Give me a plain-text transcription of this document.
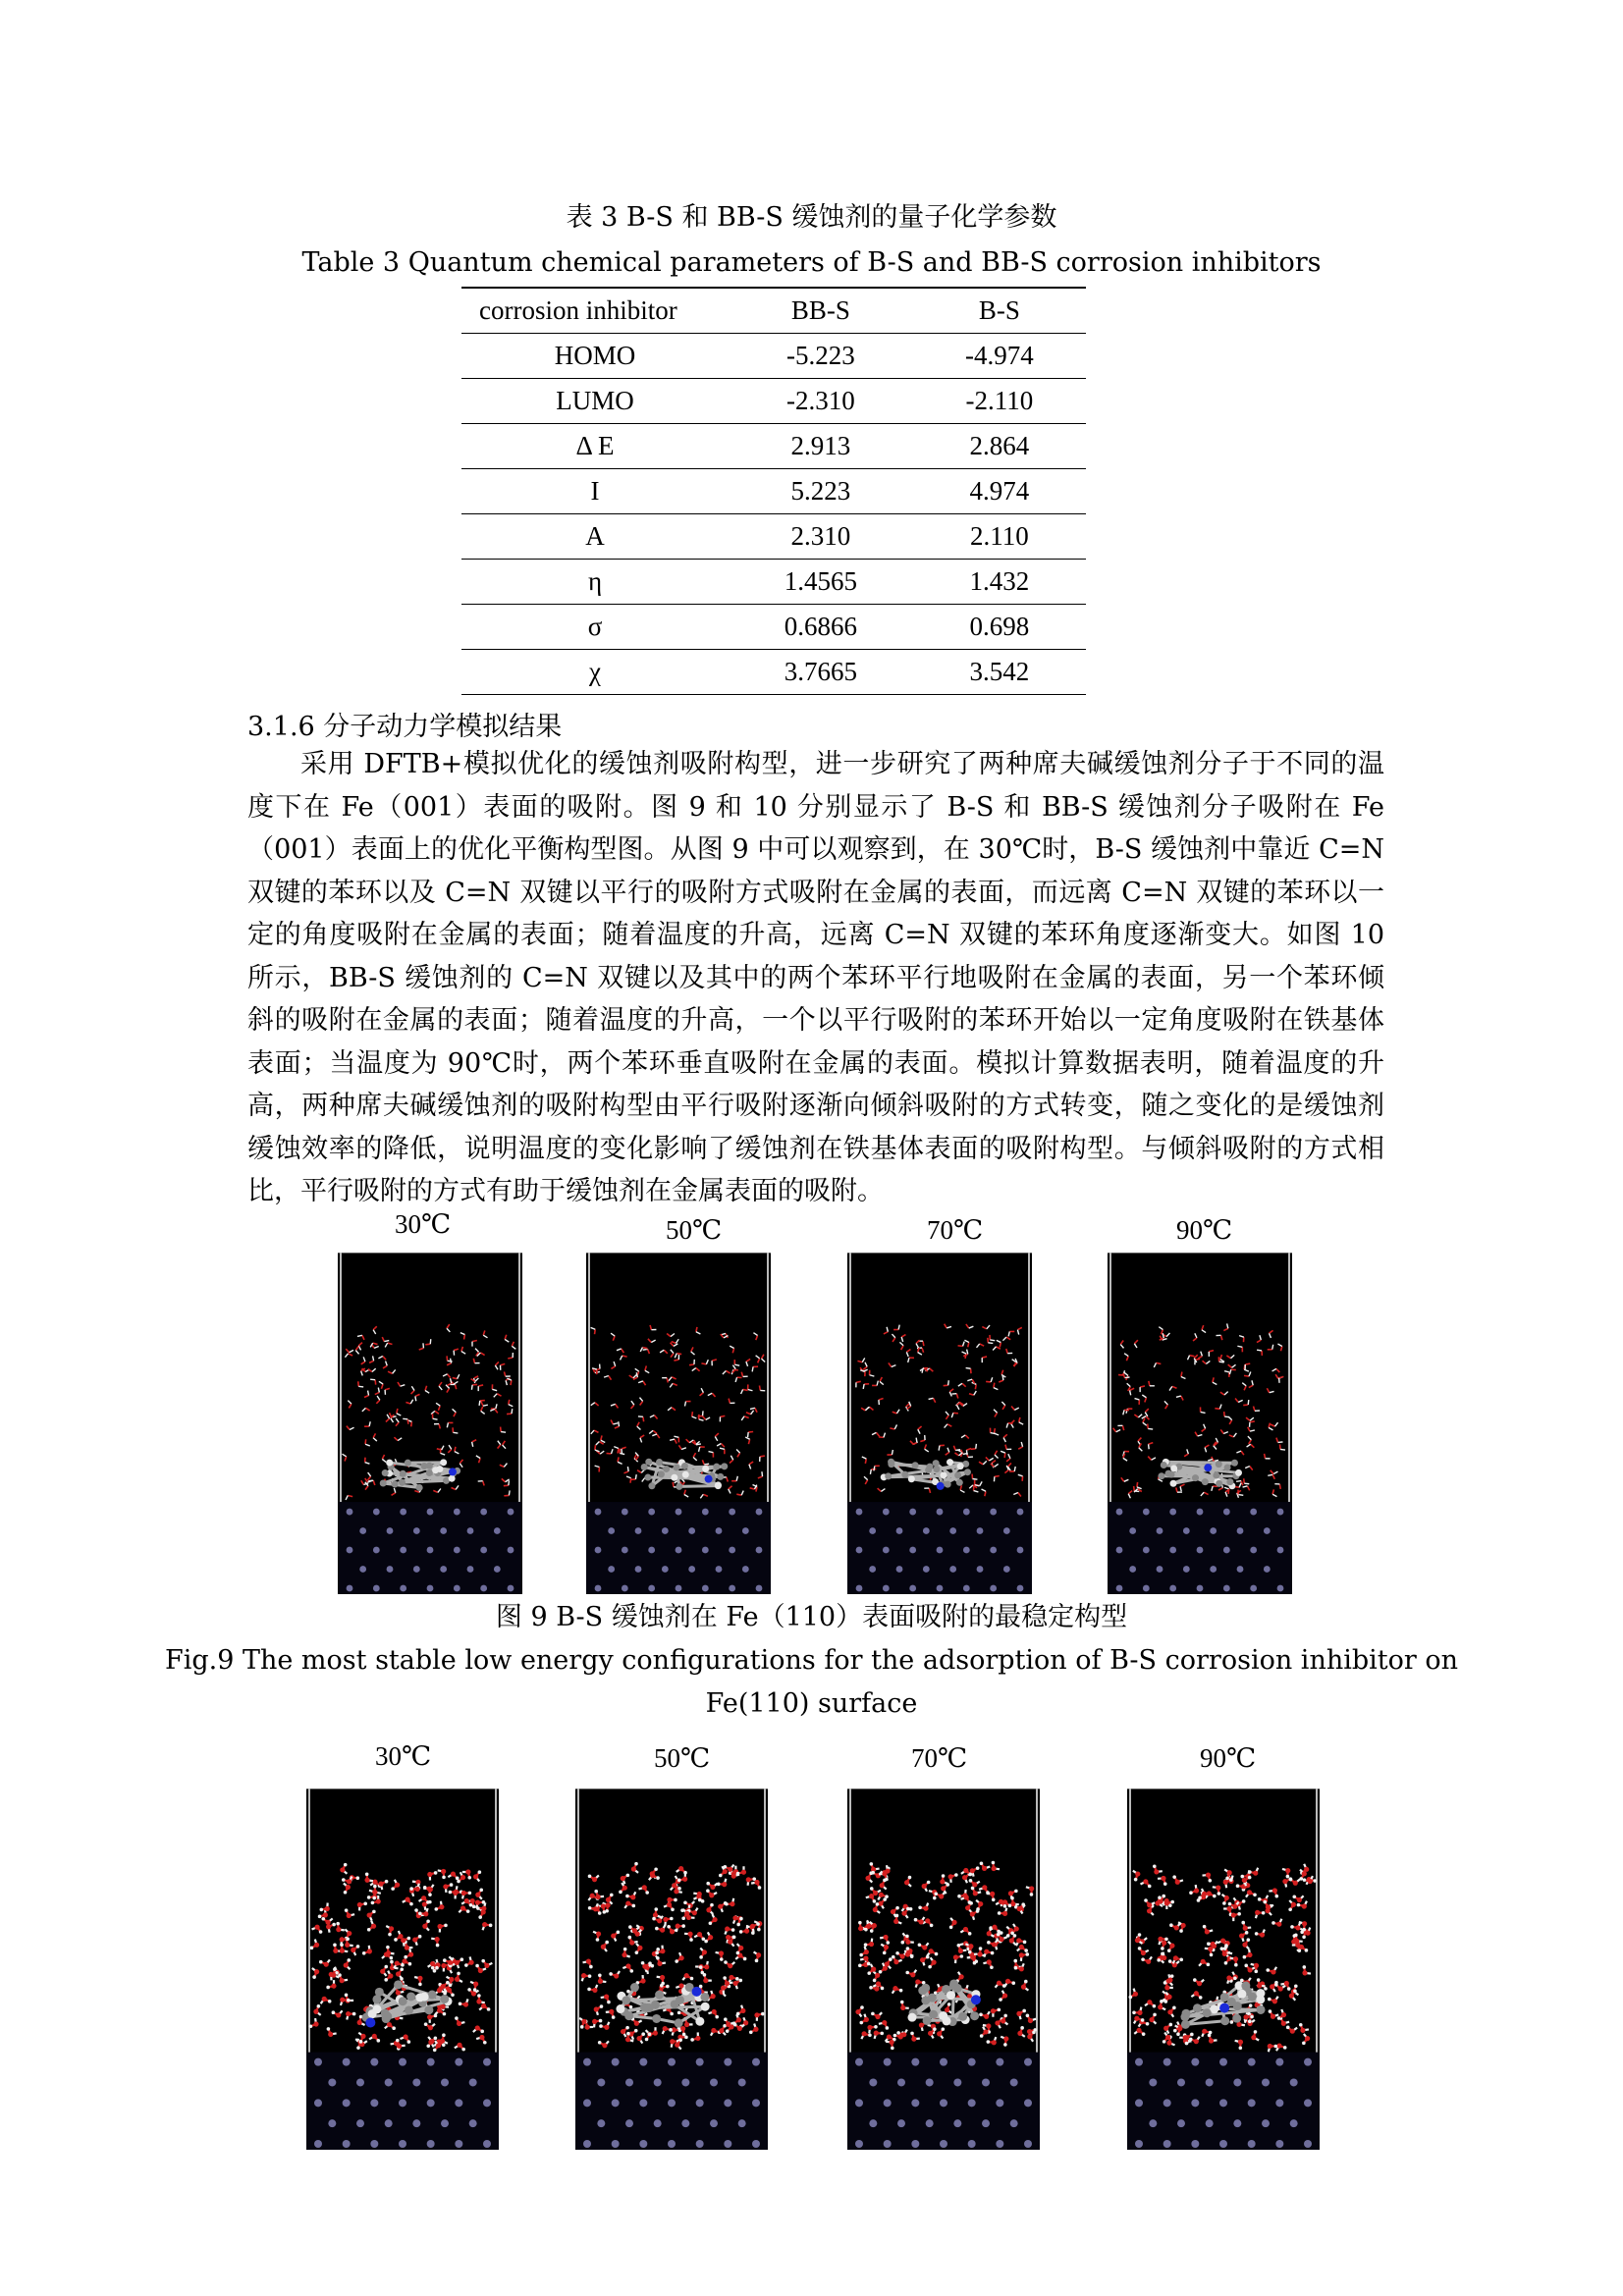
表 3 B-S 和 BB-S 缓蚀剂的量子化学参数
Table 3 Quantum chemical parameters of B-S and BB-S corrosion inhibitors
corrosion inhibitor	BB-S	B-S
HOMO	-5.223	-4.974
LUMO	-2.310	-2.110
Δ E	2.913	2.864
I	5.223	4.974
A	2.310	2.110
η	1.4565	1.432
σ	0.6866	0.698
χ	3.7665	3.542
3.1.6 分子动力学模拟结果

采用 DFTB+模拟优化的缓蚀剂吸附构型，进一步研究了两种席夫碱缓蚀剂分子于不同的温度下在 Fe（001）表面的吸附。图 9 和 10 分别显示了 B-S 和 BB-S 缓蚀剂分子吸附在 Fe（001）表面上的优化平衡构型图。从图 9 中可以观察到，在 30℃时，B-S 缓蚀剂中靠近 C=N 双键的苯环以及 C=N 双键以平行的吸附方式吸附在金属的表面，而远离 C=N 双键的苯环以一定的角度吸附在金属的表面；随着温度的升高，远离 C=N 双键的苯环角度逐渐变大。如图 10 所示，BB-S 缓蚀剂的 C=N 双键以及其中的两个苯环平行地吸附在金属的表面，另一个苯环倾斜的吸附在金属的表面；随着温度的升高，一个以平行吸附的苯环开始以一定角度吸附在铁基体表面；当温度为 90℃时，两个苯环垂直吸附在金属的表面。模拟计算数据表明，随着温度的升高，两种席夫碱缓蚀剂的吸附构型由平行吸附逐渐向倾斜吸附的方式转变，随之变化的是缓蚀剂缓蚀效率的降低，说明温度的变化影响了缓蚀剂在铁基体表面的吸附构型。与倾斜吸附的方式相比，平行吸附的方式有助于缓蚀剂在金属表面的吸附。

30℃	50℃	70℃	90℃
图 9 B-S 缓蚀剂在 Fe（110）表面吸附的最稳定构型
Fig.9 The most stable low energy configurations for the adsorption of B-S corrosion inhibitor on
Fe(110) surface
30℃	50℃	70℃	90℃
